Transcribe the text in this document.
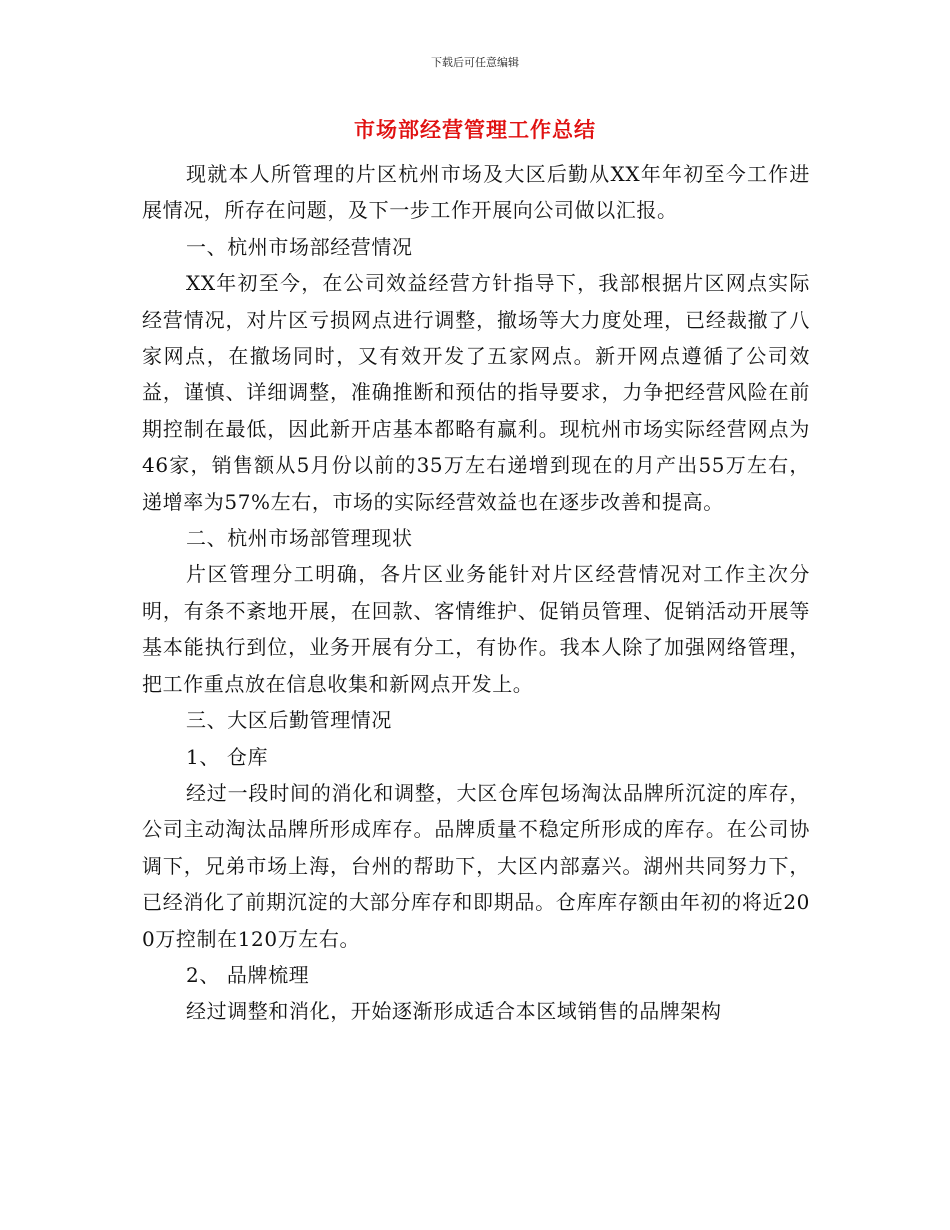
下载后可任意编辑
市场部经营管理工作总结

现就本人所管理的片区杭州市场及大区后勤从XX年年初至今工作进展情况，所存在问题，及下一步工作开展向公司做以汇报。

一、杭州市场部经营情况

XX年初至今，在公司效益经营方针指导下，我部根据片区网点实际经营情况，对片区亏损网点进行调整，撤场等大力度处理，已经裁撤了八家网点，在撤场同时，又有效开发了五家网点。新开网点遵循了公司效益，谨慎、详细调整，准确推断和预估的指导要求，力争把经营风险在前期控制在最低，因此新开店基本都略有赢利。现杭州市场实际经营网点为46家，销售额从5月份以前的35万左右递增到现在的月产出55万左右，递增率为57%左右，市场的实际经营效益也在逐步改善和提高。

二、杭州市场部管理现状

片区管理分工明确，各片区业务能针对片区经营情况对工作主次分明，有条不紊地开展，在回款、客情维护、促销员管理、促销活动开展等基本能执行到位，业务开展有分工，有协作。我本人除了加强网络管理，把工作重点放在信息收集和新网点开发上。

三、大区后勤管理情况

1、 仓库

经过一段时间的消化和调整，大区仓库包场淘汰品牌所沉淀的库存，公司主动淘汰品牌所形成库存。品牌质量不稳定所形成的库存。在公司协调下，兄弟市场上海，台州的帮助下，大区内部嘉兴。湖州共同努力下，已经消化了前期沉淀的大部分库存和即期品。仓库库存额由年初的将近200万控制在120万左右。

2、 品牌梳理

经过调整和消化，开始逐渐形成适合本区域销售的品牌架构
